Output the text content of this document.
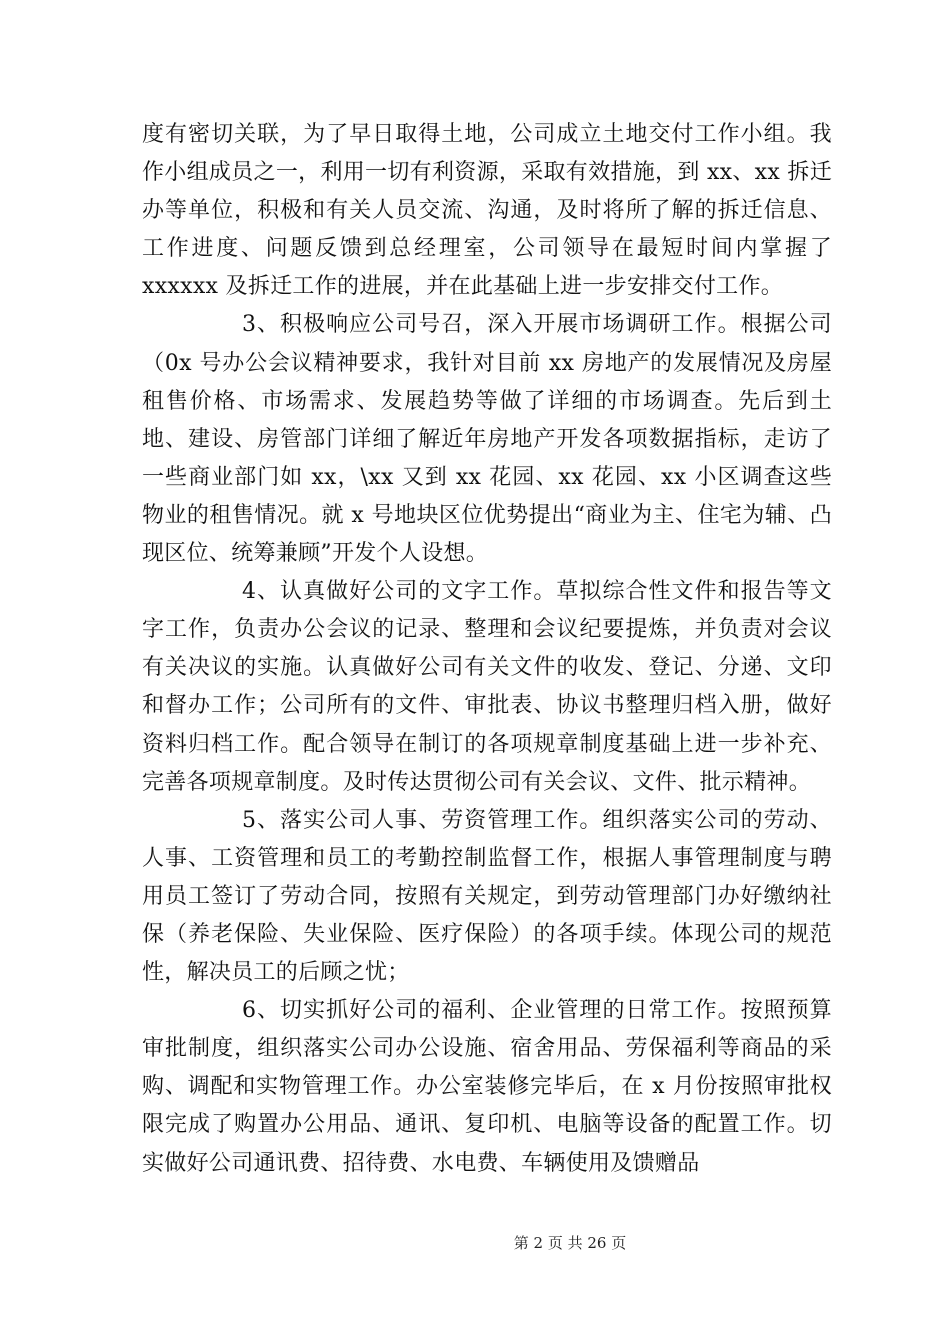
度有密切关联，为了早日取得土地，公司成立土地交付工作小组。我作小组成员之一，利用一切有利资源，采取有效措施，到 xx、xx 拆迁办等单位，积极和有关人员交流、沟通，及时将所了解的拆迁信息、工作进度、问题反馈到总经理室，公司领导在最短时间内掌握了 xxxxxx 及拆迁工作的进展，并在此基础上进一步安排交付工作。

3、积极响应公司号召，深入开展市场调研工作。根据公司（0x 号办公会议精神要求，我针对目前 xx 房地产的发展情况及房屋租售价格、市场需求、发展趋势等做了详细的市场调查。先后到土地、建设、房管部门详细了解近年房地产开发各项数据指标，走访了一些商业部门如 xx，\xx 又到 xx 花园、xx 花园、xx 小区调查这些物业的租售情况。就 x 号地块区位优势提出“商业为主、住宅为辅、凸现区位、统筹兼顾”开发个人设想。

4、认真做好公司的文字工作。草拟综合性文件和报告等文字工作，负责办公会议的记录、整理和会议纪要提炼，并负责对会议有关决议的实施。认真做好公司有关文件的收发、登记、分递、文印和督办工作；公司所有的文件、审批表、协议书整理归档入册，做好资料归档工作。配合领导在制订的各项规章制度基础上进一步补充、完善各项规章制度。及时传达贯彻公司有关会议、文件、批示精神。

5、落实公司人事、劳资管理工作。组织落实公司的劳动、人事、工资管理和员工的考勤控制监督工作，根据人事管理制度与聘用员工签订了劳动合同，按照有关规定，到劳动管理部门办好缴纳社保（养老保险、失业保险、医疗保险）的各项手续。体现公司的规范性，解决员工的后顾之忧；

6、切实抓好公司的福利、企业管理的日常工作。按照预算审批制度，组织落实公司办公设施、宿舍用品、劳保福利等商品的采购、调配和实物管理工作。办公室装修完毕后，在 x 月份按照审批权限完成了购置办公用品、通讯、复印机、电脑等设备的配置工作。切实做好公司通讯费、招待费、水电费、车辆使用及馈赠品

第 2 页 共 26 页
